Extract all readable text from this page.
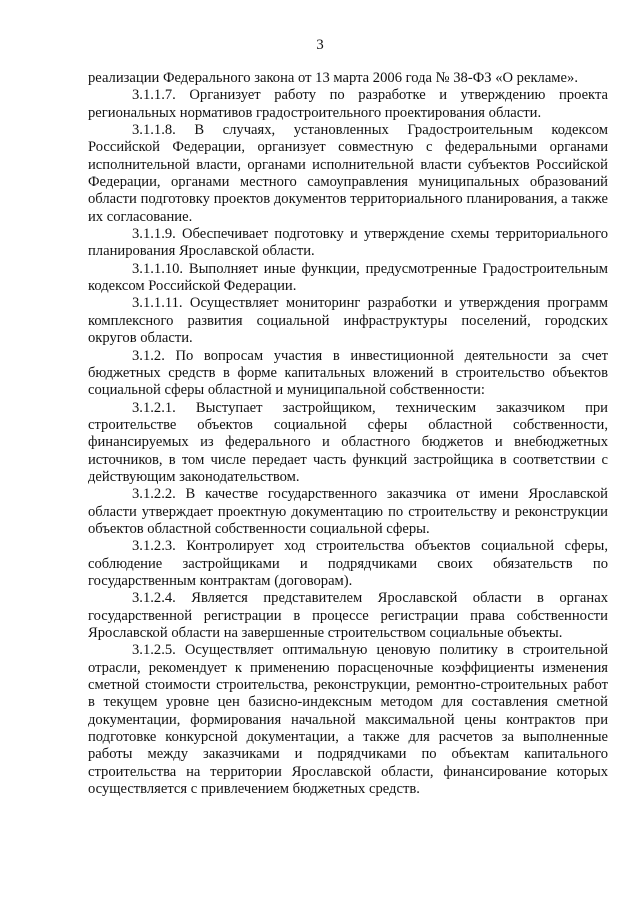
3

реализации Федерального закона от 13 марта 2006 года № 38-ФЗ «О рекламе».

3.1.1.7. Организует работу по разработке и утверждению проекта региональных нормативов градостроительного проектирования области.

3.1.1.8. В случаях, установленных Градостроительным кодексом Российской Федерации, организует совместную с федеральными органами исполнительной власти, органами исполнительной власти субъектов Российской Федерации, органами местного самоуправления муниципальных образований области подготовку проектов документов территориального планирования, а также их согласование.

3.1.1.9. Обеспечивает подготовку и утверждение схемы территориального планирования Ярославской области.

3.1.1.10. Выполняет иные функции, предусмотренные Градостроительным кодексом Российской Федерации.

3.1.1.11. Осуществляет мониторинг разработки и утверждения программ комплексного развития социальной инфраструктуры поселений, городских округов области.

3.1.2. По вопросам участия в инвестиционной деятельности за счет бюджетных средств в форме капитальных вложений в строительство объектов социальной сферы областной и муниципальной собственности:

3.1.2.1. Выступает застройщиком, техническим заказчиком при строительстве объектов социальной сферы областной собственности, финансируемых из федерального и областного бюджетов и внебюджетных источников, в том числе передает часть функций застройщика в соответствии с действующим законодательством.

3.1.2.2. В качестве государственного заказчика от имени Ярославской области утверждает проектную документацию по строительству и реконструкции объектов областной собственности социальной сферы.

3.1.2.3. Контролирует ход строительства объектов социальной сферы, соблюдение застройщиками и подрядчиками своих обязательств по государственным контрактам (договорам).

3.1.2.4. Является представителем Ярославской области в органах государственной регистрации в процессе регистрации права собственности Ярославской области на завершенные строительством социальные объекты.

3.1.2.5. Осуществляет оптимальную ценовую политику в строительной отрасли, рекомендует к применению порасценочные коэффициенты изменения сметной стоимости строительства, реконструкции, ремонтно-строительных работ в текущем уровне цен базисно-индексным методом для составления сметной документации, формирования начальной максимальной цены контрактов при подготовке конкурсной документации, а также для расчетов за выполненные работы между заказчиками и подрядчиками по объектам капитального строительства на территории Ярославской области, финансирование которых осуществляется с привлечением бюджетных средств.
